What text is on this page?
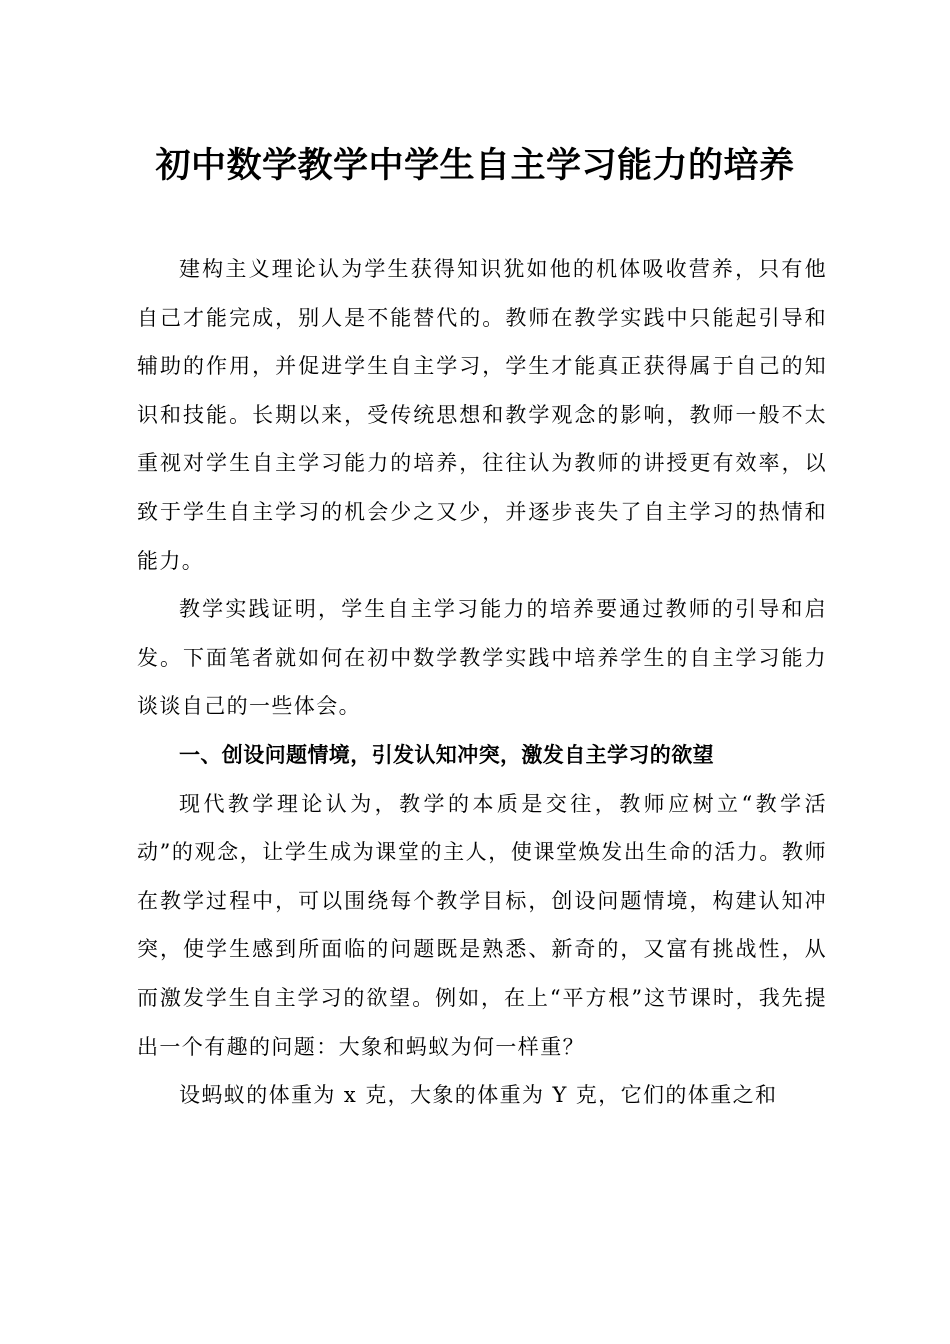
初中数学教学中学生自主学习能力的培养

建构主义理论认为学生获得知识犹如他的机体吸收营养，只有他自己才能完成，别人是不能替代的。教师在教学实践中只能起引导和辅助的作用，并促进学生自主学习，学生才能真正获得属于自己的知识和技能。长期以来，受传统思想和教学观念的影响，教师一般不太重视对学生自主学习能力的培养，往往认为教师的讲授更有效率，以致于学生自主学习的机会少之又少，并逐步丧失了自主学习的热情和能力。

教学实践证明，学生自主学习能力的培养要通过教师的引导和启发。下面笔者就如何在初中数学教学实践中培养学生的自主学习能力谈谈自己的一些体会。

一、创设问题情境，引发认知冲突，激发自主学习的欲望

现代教学理论认为，教学的本质是交往，教师应树立“教学活动”的观念，让学生成为课堂的主人，使课堂焕发出生命的活力。教师在教学过程中，可以围绕每个教学目标，创设问题情境，构建认知冲突，使学生感到所面临的问题既是熟悉、新奇的，又富有挑战性，从而激发学生自主学习的欲望。例如，在上“平方根”这节课时，我先提出一个有趣的问题：大象和蚂蚁为何一样重？

设蚂蚁的体重为 x 克，大象的体重为 Y 克，它们的体重之和
